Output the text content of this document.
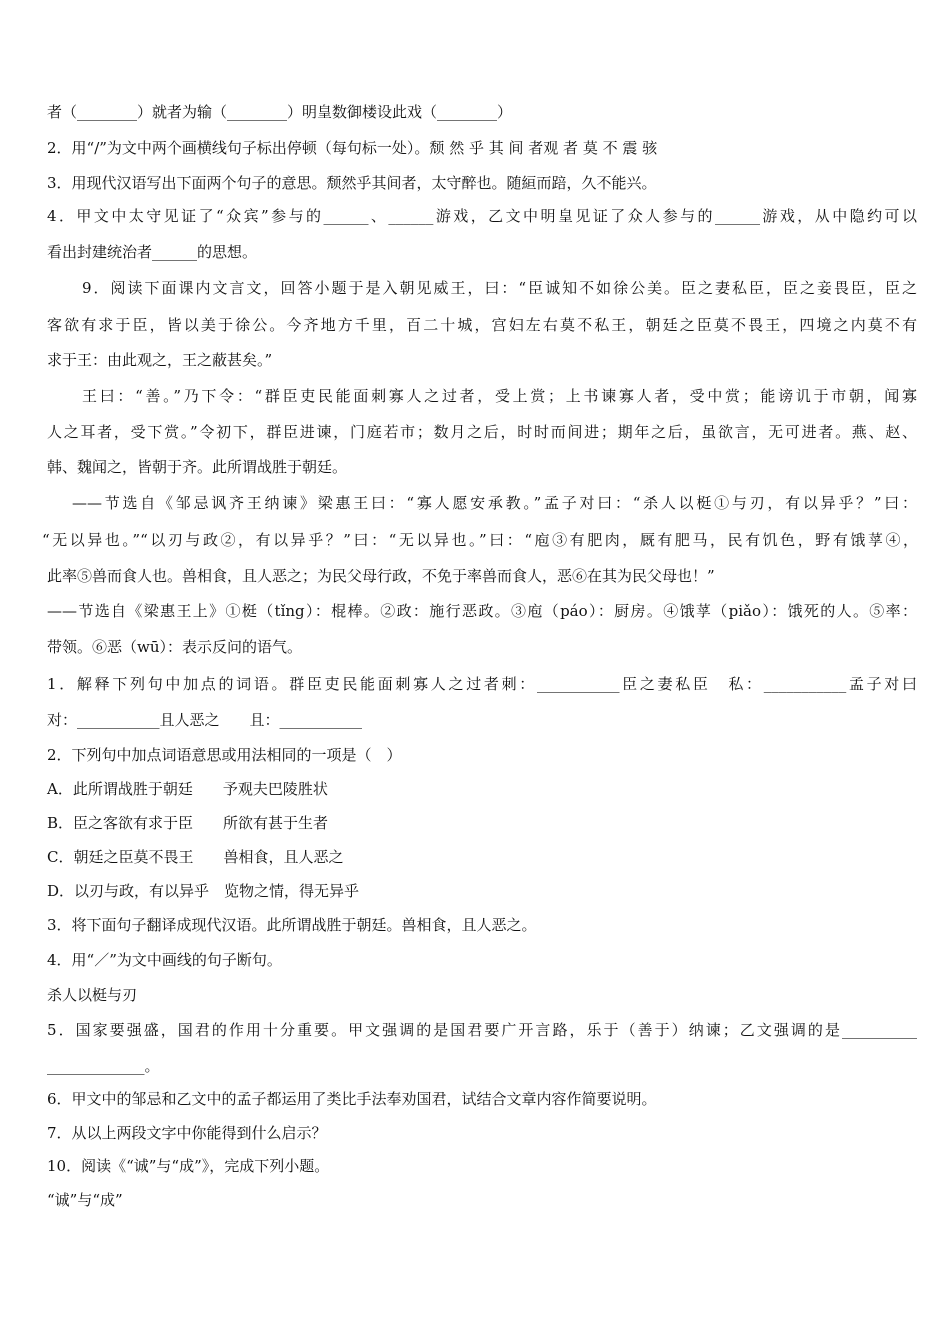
者（________）就者为输（________）明皇数御楼设此戏（________）
2．用“/”为文中两个画横线句子标出停顿（每句标一处）。颓 然 乎 其 间 者观 者 莫 不 震 骇
3．用现代汉语写出下面两个句子的意思。颓然乎其间者，太守醉也。随絙而踣，久不能兴。
4．甲文中太守见证了“众宾”参与的______、______游戏，乙文中明皇见证了众人参与的______游戏，从中隐约可以
看出封建统治者______的思想。
9．阅读下面课内文言文，回答小题于是入朝见威王，曰：“臣诚知不如徐公美。臣之妻私臣，臣之妾畏臣，臣之
客欲有求于臣，皆以美于徐公。今齐地方千里，百二十城，宫妇左右莫不私王，朝廷之臣莫不畏王，四境之内莫不有
求于王：由此观之，王之蔽甚矣。”
王曰：“善。”乃下令：“群臣吏民能面刺寡人之过者，受上赏；上书谏寡人者，受中赏；能谤讥于市朝，闻寡
人之耳者，受下赏。”令初下，群臣进谏，门庭若市；数月之后，时时而间进；期年之后，虽欲言，无可进者。燕、赵、
韩、魏闻之，皆朝于齐。此所谓战胜于朝廷。
——节选自《邹忌讽齐王纳谏》梁惠王曰：“寡人愿安承教。”孟子对曰：“杀人以梃①与刃，有以异乎？”曰：
“无以异也。”“以刃与政②，有以异乎？”曰：“无以异也。”曰：“庖③有肥肉，厩有肥马，民有饥色，野有饿莩④，
此率⑤兽而食人也。兽相食，且人恶之；为民父母行政，不免于率兽而食人，恶⑥在其为民父母也！”
——节选自《梁惠王上》①梃（tǐng）：棍棒。②政：施行恶政。③庖（páo）：厨房。④饿莩（piǎo）：饿死的人。⑤率：
带领。⑥恶（wū）：表示反问的语气。
1．解释下列句中加点的词语。群臣吏民能面刺寡人之过者刺：___________臣之妻私臣　私：___________孟子对曰
对：___________且人恶之　　且：___________
2．下列句中加点词语意思或用法相同的一项是（　）
A．此所谓战胜于朝廷　　予观夫巴陵胜状
B．臣之客欲有求于臣　　所欲有甚于生者
C．朝廷之臣莫不畏王　　兽相食，且人恶之
D．以刃与政，有以异乎　览物之情，得无异乎
3．将下面句子翻译成现代汉语。此所谓战胜于朝廷。兽相食，且人恶之。
4．用“／”为文中画线的句子断句。
杀人以梃与刃
5．国家要强盛，国君的作用十分重要。甲文强调的是国君要广开言路，乐于（善于）纳谏；乙文强调的是__________
_____________。
6．甲文中的邹忌和乙文中的孟子都运用了类比手法奉劝国君，试结合文章内容作简要说明。
7．从以上两段文字中你能得到什么启示？
10．阅读《“诚”与“成”》，完成下列小题。
“诚”与“成”
